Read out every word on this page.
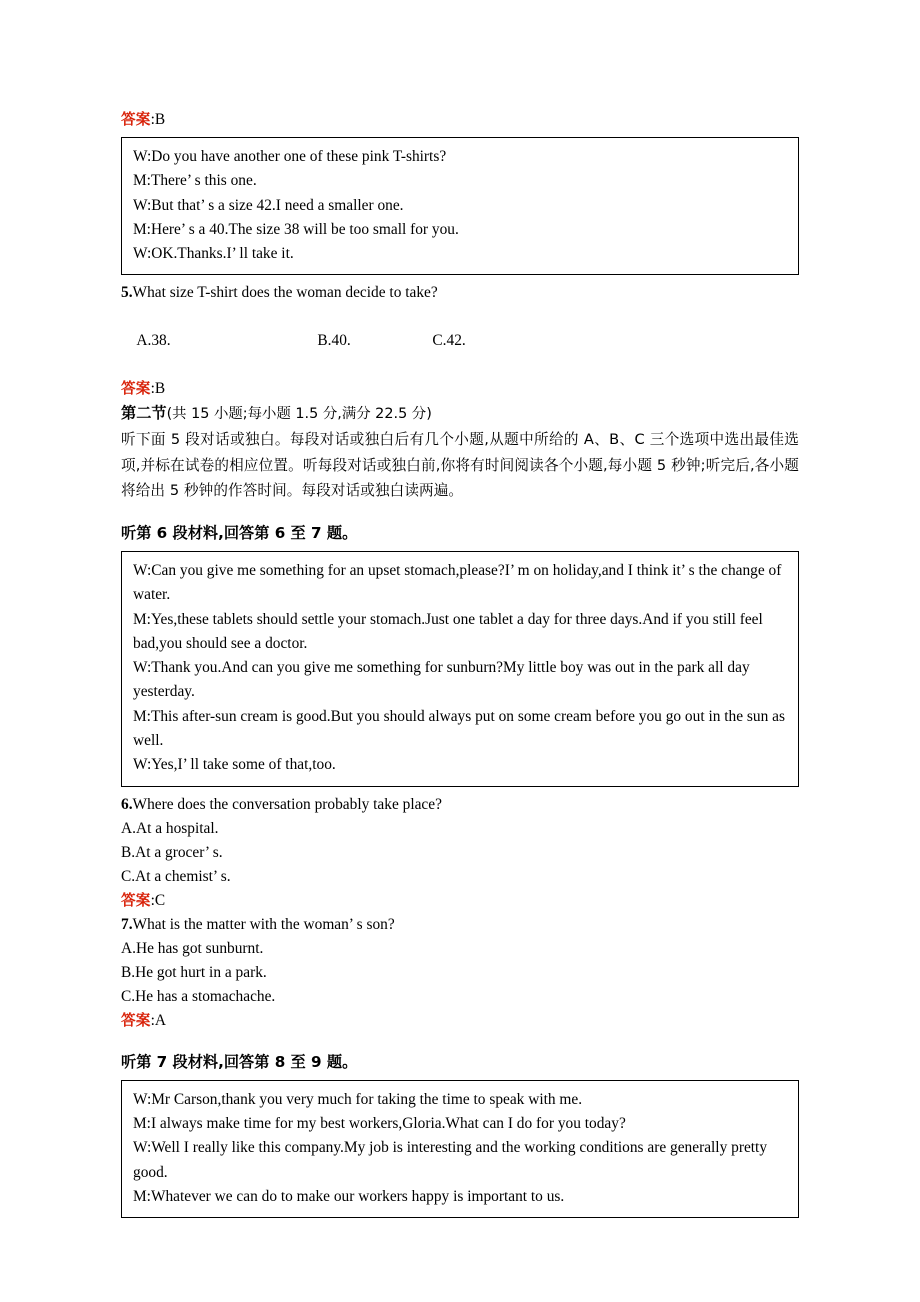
答案:B

W:Do you have another one of these pink T-shirts?

M:There’ s this one.

W:But that’ s a size 42.I need a smaller one.

M:Here’ s a 40.The size 38 will be too small for you.

W:OK.Thanks.I’ ll take it.

5.What size T-shirt does the woman decide to take?

A.38.	B.40.	C.42.

答案:B

第二节(共 15 小题;每小题 1.5 分,满分 22.5 分)

听下面 5 段对话或独白。每段对话或独白后有几个小题,从题中所给的 A、B、C 三个选项中选出最佳选项,并标在试卷的相应位置。听每段对话或独白前,你将有时间阅读各个小题,每小题 5 秒钟;听完后,各小题将给出 5 秒钟的作答时间。每段对话或独白读两遍。

听第 6 段材料,回答第 6 至 7 题。

W:Can you give me something for an upset stomach,please?I’ m on holiday,and I think it’ s the change of water.

M:Yes,these tablets should settle your stomach.Just one tablet a day for three days.And if you still feel bad,you should see a doctor.

W:Thank you.And can you give me something for sunburn?My little boy was out in the park all day yesterday.

M:This after-sun cream is good.But you should always put on some cream before you go out in the sun as well.

W:Yes,I’ ll take some of that,too.

6.Where does the conversation probably take place?

A.At a hospital.

B.At a grocer’ s.

C.At a chemist’ s.

答案:C

7.What is the matter with the woman’ s son?

A.He has got sunburnt.

B.He got hurt in a park.

C.He has a stomachache.

答案:A

听第 7 段材料,回答第 8 至 9 题。

W:Mr Carson,thank you very much for taking the time to speak with me.

M:I always make time for my best workers,Gloria.What can I do for you today?

W:Well I really like this company.My job is interesting and the working conditions are generally pretty good.

M:Whatever we can do to make our workers happy is important to us.
